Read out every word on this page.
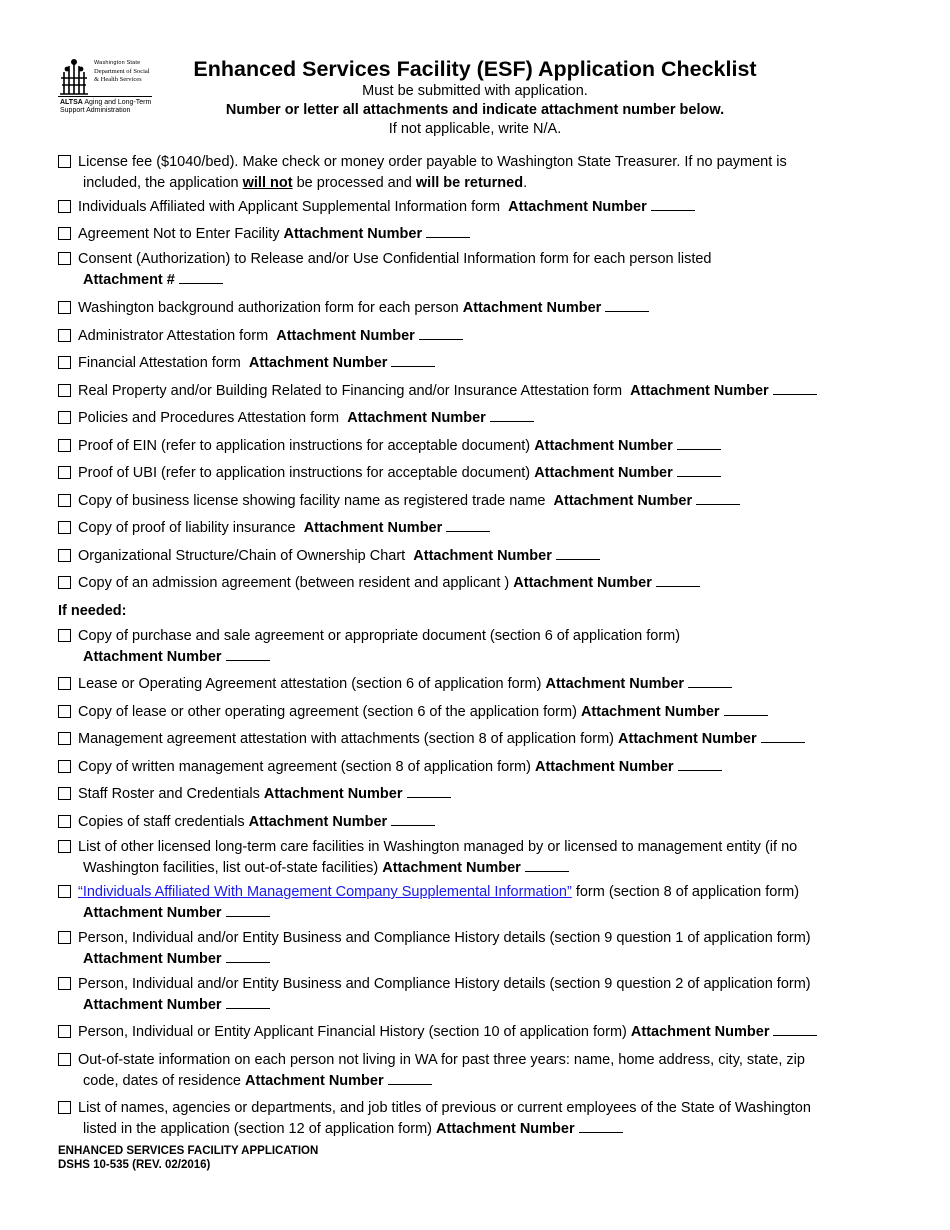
Washington State
Department of Social
& Health Services
ALTSA Aging and Long-Term
Support Administration
Enhanced Services Facility (ESF) Application Checklist
Must be submitted with application.
Number or letter all attachments and indicate attachment number below.
If not applicable, write N/A.
License fee ($1040/bed). Make check or money order payable to Washington State Treasurer. If no payment is
included, the application will not be processed and will be returned.
Individuals Affiliated with Applicant Supplemental Information form Attachment Number
Agreement Not to Enter Facility Attachment Number
Consent (Authorization) to Release and/or Use Confidential Information form for each person listed
Attachment #
Washington background authorization form for each person Attachment Number
Administrator Attestation form Attachment Number
Financial Attestation form Attachment Number
Real Property and/or Building Related to Financing and/or Insurance Attestation form Attachment Number
Policies and Procedures Attestation form Attachment Number
Proof of EIN (refer to application instructions for acceptable document) Attachment Number
Proof of UBI (refer to application instructions for acceptable document) Attachment Number
Copy of business license showing facility name as registered trade name Attachment Number
Copy of proof of liability insurance Attachment Number
Organizational Structure/Chain of Ownership Chart Attachment Number
Copy of an admission agreement (between resident and applicant ) Attachment Number
If needed:
Copy of purchase and sale agreement or appropriate document (section 6 of application form)
Attachment Number
Lease or Operating Agreement attestation (section 6 of application form) Attachment Number
Copy of lease or other operating agreement (section 6 of the application form) Attachment Number
Management agreement attestation with attachments (section 8 of application form) Attachment Number
Copy of written management agreement (section 8 of application form) Attachment Number
Staff Roster and Credentials Attachment Number
Copies of staff credentials Attachment Number
List of other licensed long-term care facilities in Washington managed by or licensed to management entity (if no
Washington facilities, list out-of-state facilities) Attachment Number
“Individuals Affiliated With Management Company Supplemental Information” form (section 8 of application form)
Attachment Number
Person, Individual and/or Entity Business and Compliance History details (section 9 question 1 of application form)
Attachment Number
Person, Individual and/or Entity Business and Compliance History details (section 9 question 2 of application form)
Attachment Number
Person, Individual or Entity Applicant Financial History (section 10 of application form) Attachment Number
Out-of-state information on each person not living in WA for past three years: name, home address, city, state, zip
code, dates of residence Attachment Number
List of names, agencies or departments, and job titles of previous or current employees of the State of Washington
listed in the application (section 12 of application form) Attachment Number
ENHANCED SERVICES FACILITY APPLICATION
DSHS 10-535 (REV. 02/2016)
